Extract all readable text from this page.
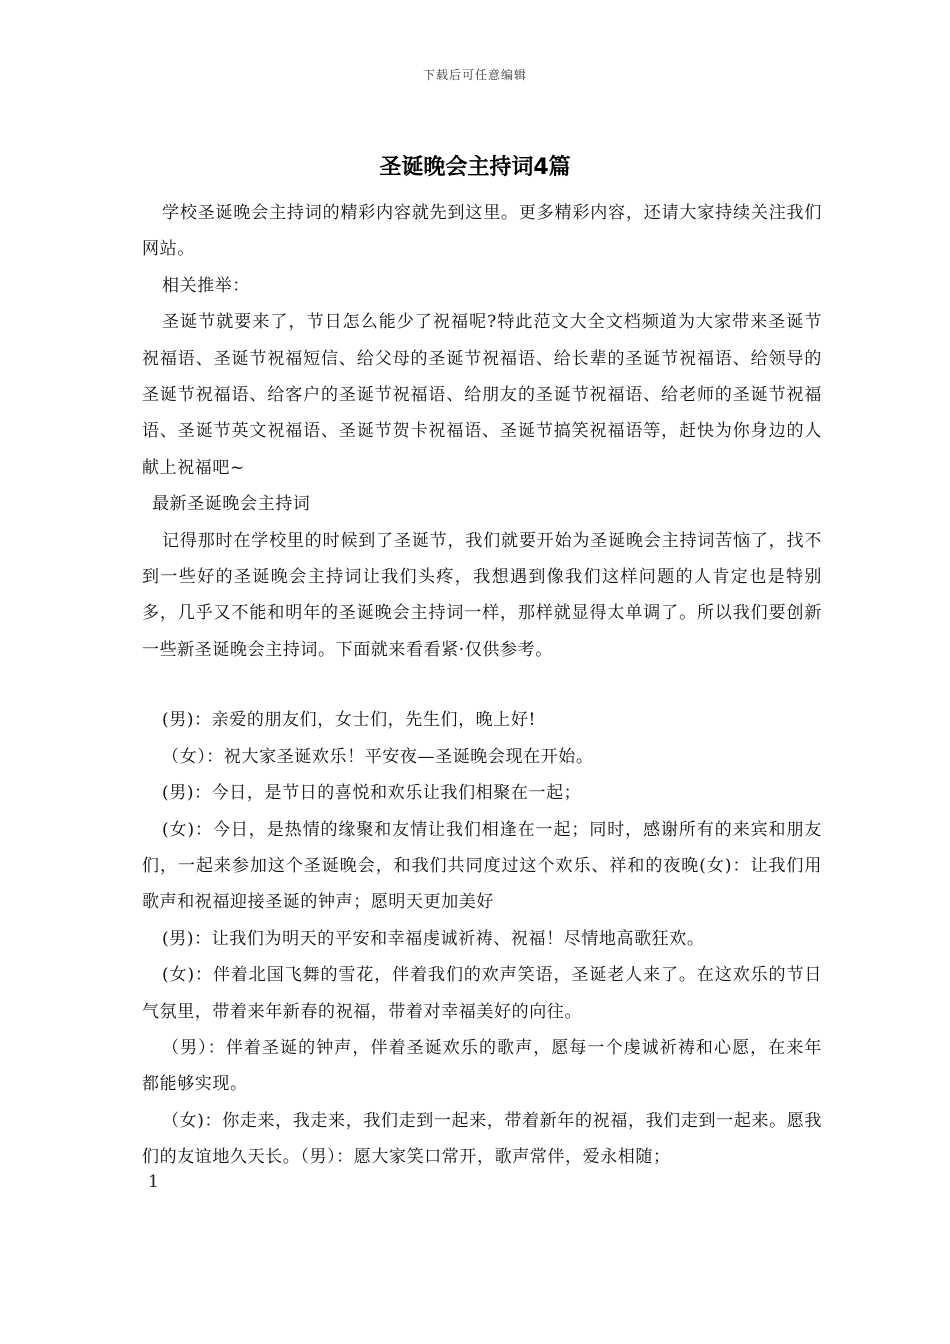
下载后可任意编辑
圣诞晚会主持词4篇

学校圣诞晚会主持词的精彩内容就先到这里。更多精彩内容，还请大家持续关注我们网站。

相关推举：

圣诞节就要来了，节日怎么能少了祝福呢?特此范文大全文档频道为大家带来圣诞节祝福语、圣诞节祝福短信、给父母的圣诞节祝福语、给长辈的圣诞节祝福语、给领导的圣诞节祝福语、给客户的圣诞节祝福语、给朋友的圣诞节祝福语、给老师的圣诞节祝福语、圣诞节英文祝福语、圣诞节贺卡祝福语、圣诞节搞笑祝福语等，赶快为你身边的人献上祝福吧~

最新圣诞晚会主持词

记得那时在学校里的时候到了圣诞节，我们就要开始为圣诞晚会主持词苦恼了，找不到一些好的圣诞晚会主持词让我们头疼，我想遇到像我们这样问题的人肯定也是特别多，几乎又不能和明年的圣诞晚会主持词一样，那样就显得太单调了。所以我们要创新一些新圣诞晚会主持词。下面就来看看紧·仅供参考。

(男)：亲爱的朋友们，女士们，先生们，晚上好!

（女）：祝大家圣诞欢乐！平安夜—圣诞晚会现在开始。

(男)：今日，是节日的喜悦和欢乐让我们相聚在一起；

(女)：今日，是热情的缘聚和友情让我们相逢在一起；同时，感谢所有的来宾和朋友们，一起来参加这个圣诞晚会，和我们共同度过这个欢乐、祥和的夜晚(女)：让我们用歌声和祝福迎接圣诞的钟声；愿明天更加美好

(男)：让我们为明天的平安和幸福虔诚祈祷、祝福！尽情地高歌狂欢。

(女)：伴着北国飞舞的雪花，伴着我们的欢声笑语，圣诞老人来了。在这欢乐的节日气氛里，带着来年新春的祝福，带着对幸福美好的向往。

（男）：伴着圣诞的钟声，伴着圣诞欢乐的歌声，愿每一个虔诚祈祷和心愿，在来年都能够实现。

（女)：你走来，我走来，我们走到一起来，带着新年的祝福，我们走到一起来。愿我们的友谊地久天长。（男）：愿大家笑口常开，歌声常伴，爱永相随；

1
